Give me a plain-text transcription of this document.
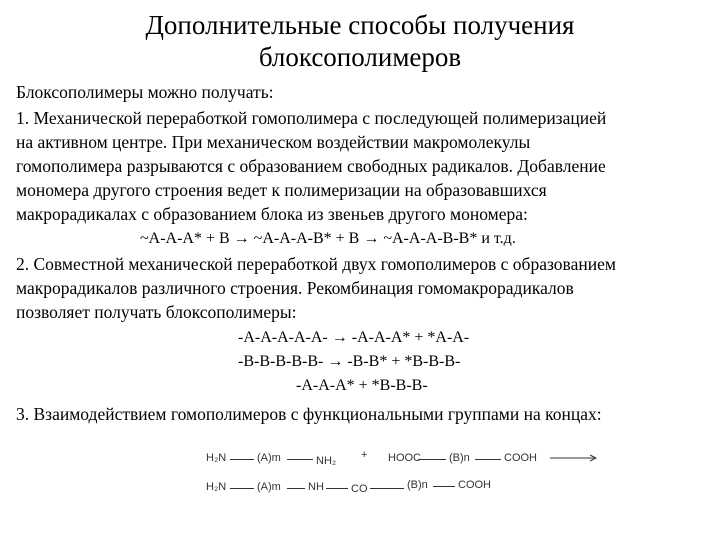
Дополнительные способы получения
блоксополимеров
Блоксополимеры можно получать:
1. Механической переработкой гомополимера с последующей полимеризацией
на активном центре. При механическом воздействии макромолекулы
гомополимера разрываются с образованием свободных радикалов. Добавление
мономера другого строения ведет к полимеризации на образовавшихся
макрорадикалах с образованием блока из звеньев другого мономера:
~A-A-A* + B → ~A-A-A-B* + B → ~A-A-A-B-B* и т.д.
2. Совместной механической переработкой двух гомополимеров с образованием
макрорадикалов различного строения. Рекомбинация гомомакрорадикалов
позволяет получать блоксополимеры:
-A-A-A-A-A- → -A-A-A* + *A-A-
-B-B-B-B-B- → -B-B* + *B-B-B-
-A-A-A* + *B-B-B-
3. Взаимодействием гомополимеров с функциональными группами на концах:
H₂N	(A)m	NH₂ + HOOC	(B)n	COOH →
H₂N	(A)m NH CO	(B)n	COOH
